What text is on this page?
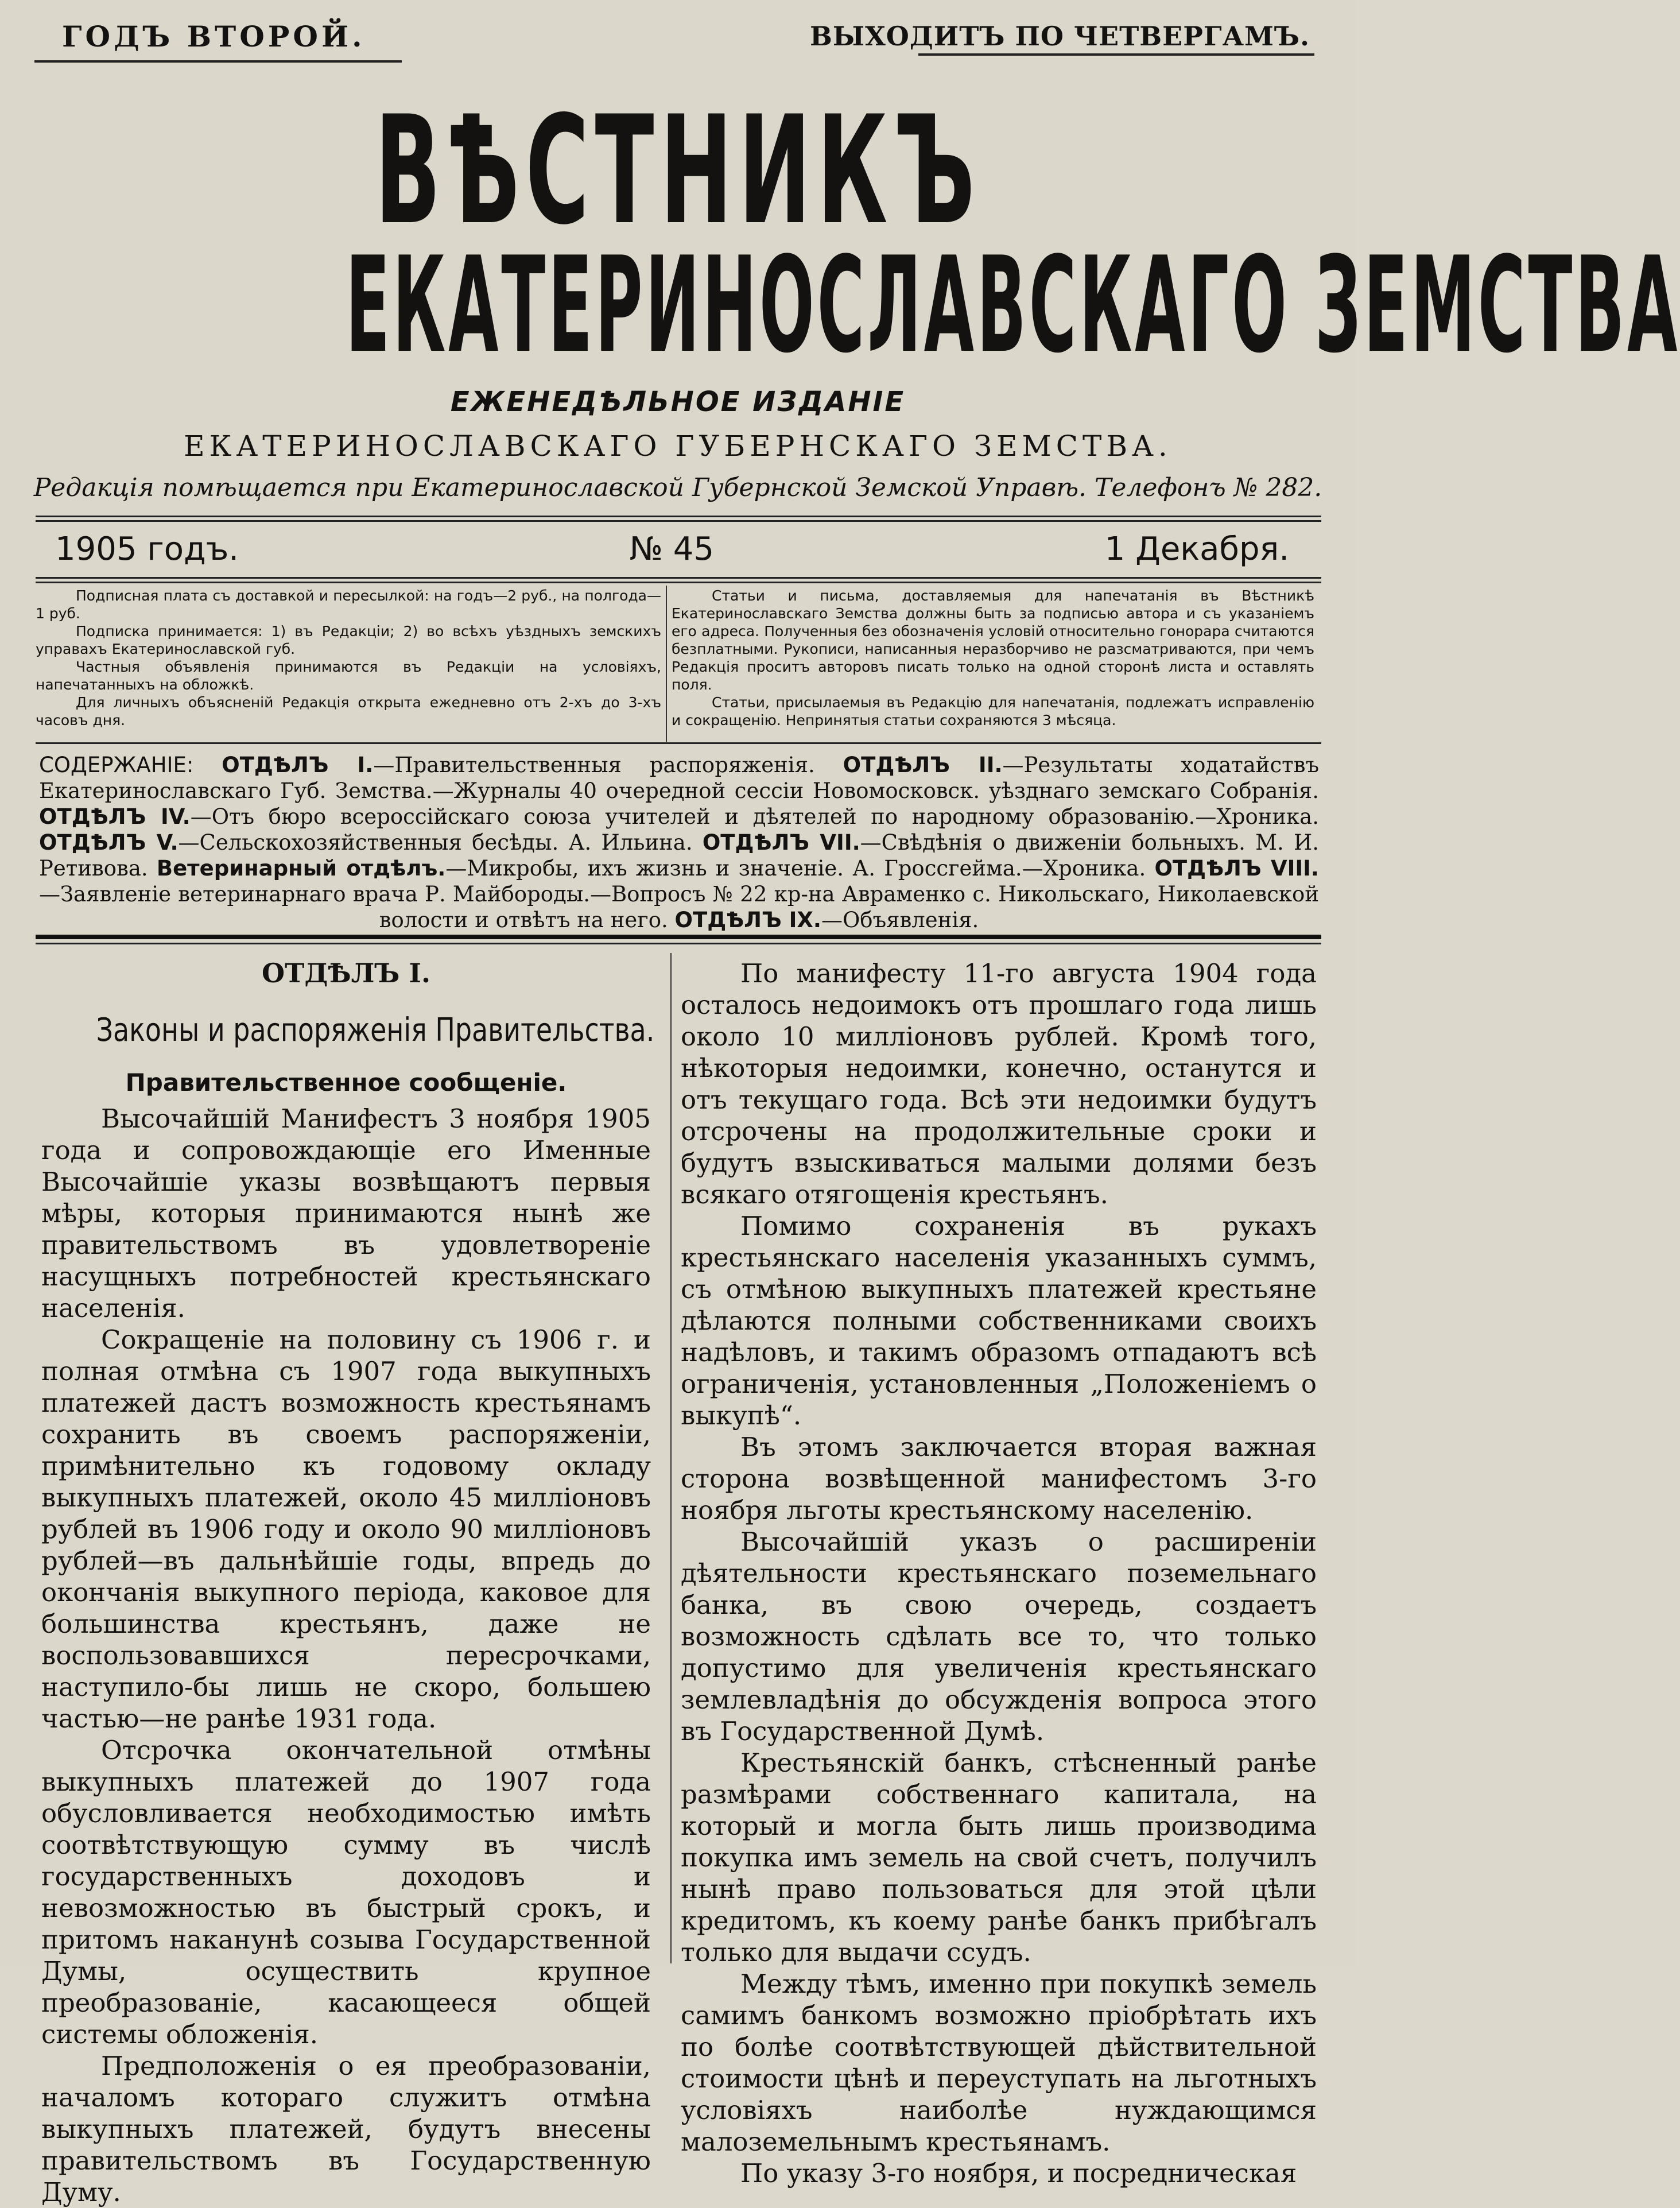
ГОДЪ ВТОРОЙ.	ВЫХОДИТЪ ПО ЧЕТВЕРГАМЪ.
ВѢСТНИКЪ
ЕКАТЕРИНОСЛАВСКАГО ЗЕМСТВА
ЕЖЕНЕДѢЛЬНОЕ ИЗДАНІЕ
ЕКАТЕРИНОСЛАВСКАГО ГУБЕРНСКАГО ЗЕМСТВА.
Редакція помѣщается при Екатеринославской Губернской Земской Управѣ. Телефонъ № 282.
1905 годъ.	№ 45	1 Декабря.

Подписная плата съ доставкой и пересылкой: на годъ—2 руб., на полгода—1 руб.

Подписка принимается: 1) въ Редакціи; 2) во всѣхъ уѣздныхъ земскихъ управахъ Екатеринославской губ.

Частныя объявленія принимаются въ Редакціи на условіяхъ, напечатанныхъ на обложкѣ.

Для личныхъ объясненій Редакція открыта ежедневно отъ 2-хъ до 3-хъ часовъ дня.

Статьи и письма, доставляемыя для напечатанія въ Вѣстникѣ Екатеринославскаго Земства должны быть за подписью автора и съ указаніемъ его адреса. Полученныя без обозначенія условій относительно гонорара считаются безплатными. Рукописи, написанныя неразборчиво не разсматриваются, при чемъ Редакція проситъ авторовъ писать только на одной сторонѣ листа и оставлять поля.

Статьи, присылаемыя въ Редакцію для напечатанія, подлежатъ исправленію и сокращенію. Непринятыя статьи сохраняются 3 мѣсяца.

СОДЕРЖАНІЕ: ОТДѢЛЪ I.—Правительственныя распоряженія. ОТДѢЛЪ II.—Результаты ходатайствъ Екатеринославскаго Губ. Земства.—Журналы 40 очередной сессіи Новомосковск. уѣзднаго земскаго Собранія. ОТДѢЛЪ IV.—Отъ бюро всероссійскаго союза учителей и дѣятелей по народному образованію.—Хроника. ОТДѢЛЪ V.—Сельскохозяйственныя бесѣды. А. Ильина. ОТДѢЛЪ VII.—Свѣдѣнія о движеніи больныхъ. М. И. Ретивова. Ветеринарный отдѣлъ.—Микробы, ихъ жизнь и значеніе. А. Гроссгейма.—Хроника. ОТДѢЛЪ VIII.—Заявленіе ветеринарнаго врача Р. Майбороды.—Вопросъ № 22 кр-на Авраменко с. Никольскаго, Николаевской волости и отвѣтъ на него. ОТДѢЛЪ IX.—Объявленія.
ОТДѢЛЪ I.
Законы и распоряженія Правительства.
Правительственное сообщеніе.

Высочайшій Манифестъ 3 ноября 1905 года и сопровождающіе его Именные Высочайшіе указы возвѣщаютъ первыя мѣры, которыя принимаются нынѣ же правительствомъ въ удовлетвореніе насущныхъ потребностей крестьянскаго населенія.

Сокращеніе на половину съ 1906 г. и полная отмѣна съ 1907 года выкупныхъ платежей дастъ возможность крестьянамъ сохранить въ своемъ распоряженіи, примѣнительно къ годовому окладу выкупныхъ платежей, около 45 милліоновъ рублей въ 1906 году и около 90 милліоновъ рублей—въ дальнѣйшіе годы, впредь до окончанія выкупного періода, каковое для большинства крестьянъ, даже не воспользовавшихся пересрочками, наступило-бы лишь не скоро, большею частью—не ранѣе 1931 года.

Отсрочка окончательной отмѣны выкупныхъ платежей до 1907 года обусловливается необходимостью имѣть соотвѣтствующую сумму въ числѣ государственныхъ доходовъ и невозможностью въ быстрый срокъ, и притомъ наканунѣ созыва Государственной Думы, осуществить крупное преобразованіе, касающееся общей системы обложенія.

Предположенія о ея преобразованіи, началомъ котораго служитъ отмѣна выкупныхъ платежей, будутъ внесены правительствомъ въ Государственную Думу.

По манифесту 11-го августа 1904 года осталось недоимокъ отъ прошлаго года лишь около 10 милліоновъ рублей. Кромѣ того, нѣкоторыя недоимки, конечно, останутся и отъ текущаго года. Всѣ эти недоимки будутъ отсрочены на продолжительные сроки и будутъ взыскиваться малыми долями безъ всякаго отягощенія крестьянъ.

Помимо сохраненія въ рукахъ крестьянскаго населенія указанныхъ суммъ, съ отмѣною выкупныхъ платежей крестьяне дѣлаются полными собственниками своихъ надѣловъ, и такимъ образомъ отпадаютъ всѣ ограниченія, установленныя „Положеніемъ о выкупѣ“.

Въ этомъ заключается вторая важная сторона возвѣщенной манифестомъ 3-го ноября льготы крестьянскому населенію.

Высочайшій указъ о расширеніи дѣятельности крестьянскаго поземельнаго банка, въ свою очередь, создаетъ возможность сдѣлать все то, что только допустимо для увеличенія крестьянскаго землевладѣнія до обсужденія вопроса этого въ Государственной Думѣ.

Крестьянскій банкъ, стѣсненный ранѣе размѣрами собственнаго капитала, на который и могла быть лишь производима покупка имъ земель на свой счетъ, получилъ нынѣ право пользоваться для этой цѣли кредитомъ, къ коему ранѣе банкъ прибѣгалъ только для выдачи ссудъ.

Между тѣмъ, именно при покупкѣ земель самимъ банкомъ возможно пріобрѣтать ихъ по болѣе соотвѣтствующей дѣйствительной стоимости цѣнѣ и переуступать на льготныхъ условіяхъ наиболѣе нуждающимся малоземельнымъ крестьянамъ.

По указу 3-го ноября, и посредническая
